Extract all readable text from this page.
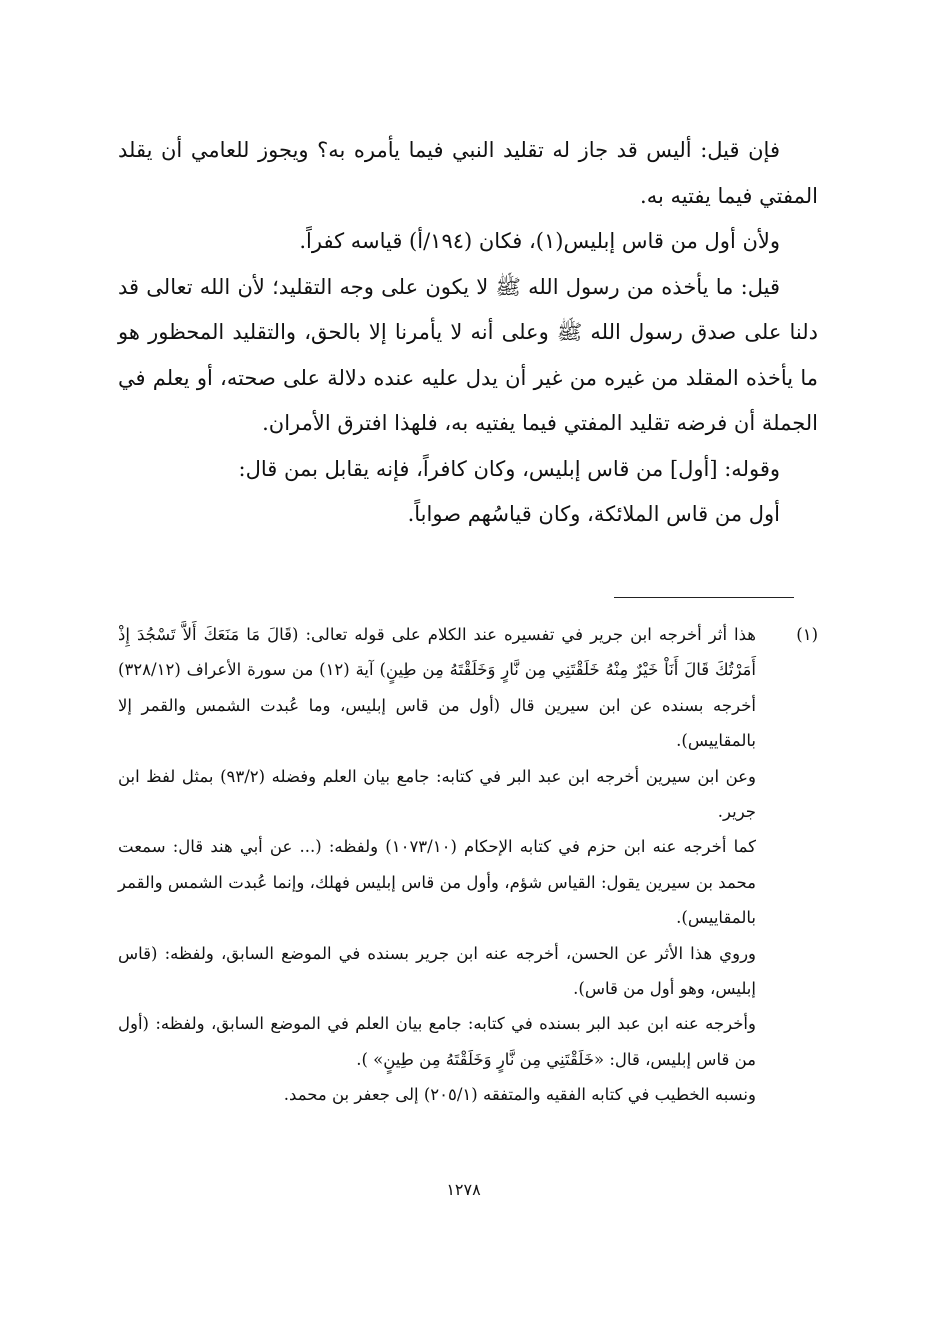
فإن قيل: أليس قد جاز له تقليد النبي فيما يأمره به؟ ويجوز للعامي أن يقلد المفتي فيما يفتيه به.

ولأن أول من قاس إبليس(١)، فكان (١٩٤/أ) قياسه كفراً.

قيل: ما يأخذه من رسول الله ﷺ لا يكون على وجه التقليد؛ لأن الله تعالى قد دلنا على صدق رسول الله ﷺ وعلى أنه لا يأمرنا إلا بالحق، والتقليد المحظور هو ما يأخذه المقلد من غيره من غير أن يدل عليه عنده دلالة على صحته، أو يعلم في الجملة أن فرضه تقليد المفتي فيما يفتيه به، فلهذا افترق الأمران.

وقوله: [أول] من قاس إبليس، وكان كافراً، فإنه يقابل بمن قال:

أول من قاس الملائكة، وكان قياسُهم صواباً.

(١)

هذا أثر أخرجه ابن جرير في تفسيره عند الكلام على قوله تعالى: (قَالَ مَا مَنَعَكَ أَلاَّ تَسْجُدَ إِذْ أَمَرْتُكَ قَالَ أَنَاْ خَيْرٌ مِنْهُ خَلَقْتَنِي مِن نَّارٍ وَخَلَقْتَهُ مِن طِينٍ) آية (١٢) من سورة الأعراف (٣٢٨/١٢) أخرجه بسنده عن ابن سيرين قال (أول من قاس إبليس، وما عُبدت الشمس والقمر إلا بالمقاييس).

وعن ابن سيرين أخرجه ابن عبد البر في كتابه: جامع بيان العلم وفضله (٩٣/٢) بمثل لفظ ابن جرير.

كما أخرجه عنه ابن حزم في كتابه الإحكام (١٠٧٣/١٠) ولفظه: (... عن أبي هند قال: سمعت محمد بن سيرين يقول: القياس شؤم، وأول من قاس إبليس فهلك، وإنما عُبدت الشمس والقمر بالمقاييس).

وروي هذا الأثر عن الحسن، أخرجه عنه ابن جرير بسنده في الموضع السابق، ولفظه: (قاس إبليس، وهو أول من قاس).

وأخرجه عنه ابن عبد البر بسنده في كتابه: جامع بيان العلم في الموضع السابق، ولفظه: (أول من قاس إبليس، قال: «خَلَقْتَنِي مِن نَّارٍ وَخَلَقْتَهُ مِن طِينٍ» ).

ونسبه الخطيب في كتابه الفقيه والمتفقه (٢٠٥/١) إلى جعفر بن محمد.

١٢٧٨
